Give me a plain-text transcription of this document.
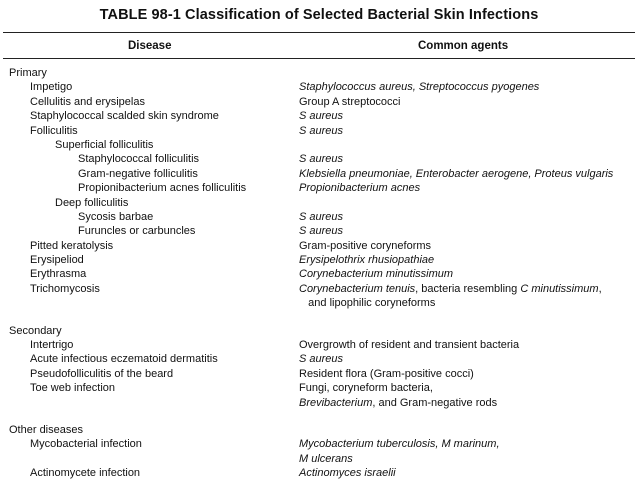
TABLE 98-1 Classification of Selected Bacterial Skin Infections
Disease	Common agents
Primary
Impetigo	Staphylococcus aureus, Streptococcus pyogenes
Cellulitis and erysipelas	Group A streptococci
Staphylococcal scalded skin syndrome	S aureus
Folliculitis	S aureus
Superficial folliculitis
Staphylococcal folliculitis	S aureus
Gram-negative folliculitis	Klebsiella pneumoniae, Enterobacter aerogene, Proteus vulgaris
Propionibacterium acnes folliculitis	Propionibacterium acnes
Deep folliculitis
Sycosis barbae	S aureus
Furuncles or carbuncles	S aureus
Pitted keratolysis	Gram-positive coryneforms
Erysipeliod	Erysipelothrix rhusiopathiae
Erythrasma	Corynebacterium minutissimum
Trichomycosis	Corynebacterium tenuis, bacteria resembling C minutissimum,
and lipophilic coryneforms
Secondary
Intertrigo	Overgrowth of resident and transient bacteria
Acute infectious eczematoid dermatitis	S aureus
Pseudofolliculitis of the beard	Resident flora (Gram-positive cocci)
Toe web infection	Fungi, coryneform bacteria,
Brevibacterium, and Gram-negative rods
Other diseases
Mycobacterial infection	Mycobacterium tuberculosis, M marinum,
M ulcerans
Actinomycete infection	Actinomyces israelii
